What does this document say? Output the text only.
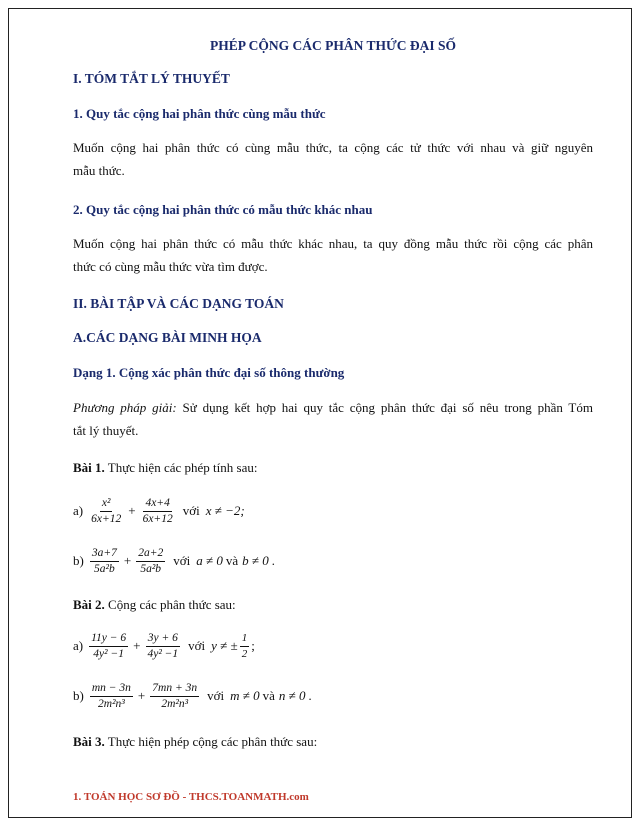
PHÉP CỘNG CÁC PHÂN THỨC ĐẠI SỐ
I. TÓM TẮT LÝ THUYẾT
1. Quy tắc cộng hai phân thức cùng mẫu thức
Muốn cộng hai phân thức có cùng mẫu thức, ta cộng các tử thức với nhau và giữ nguyên
mẫu thức.
2. Quy tắc cộng hai phân thức có mẫu thức khác nhau
Muốn cộng hai phân thức có mẫu thức khác nhau, ta quy đồng mẫu thức rồi cộng các phân
thức có cùng mẫu thức vừa tìm được.
II. BÀI TẬP VÀ CÁC DẠNG TOÁN
A.CÁC DẠNG BÀI MINH HỌA
Dạng 1. Cộng xác phân thức đại số thông thường
Phương pháp giải: Sử dụng kết hợp hai quy tắc cộng phân thức đại số nêu trong phần Tóm
tắt lý thuyết.
Bài 1. Thực hiện các phép tính sau:
$a) \frac{\text{x²}}{6x+12} + \frac{4x+4}{6x+12}$ với x ≠ −2;
$b) \frac{3a+7}{\text{5a²b}} + \frac{2a+2}{\text{5a²b}}$ với a ≠ 0 và b ≠ 0 .
Bài 2. Cộng các phân thức sau:
$a) \frac{11y - 6}{\text{4y² −1}} + \frac{3y + 6}{\text{4y² −1}}$ với y ≠ ± $\frac{1}{2}$ ;
$b) \frac{mn - 3n}{\text{2m²n³}} + \frac{7mn + 3n}{\text{2m²n³}}$ với m ≠ 0 và n ≠ 0 .
Bài 3. Thực hiện phép cộng các phân thức sau:
1. TOÁN HỌC SƠ ĐỒ - THCS.TOANMATH.com
